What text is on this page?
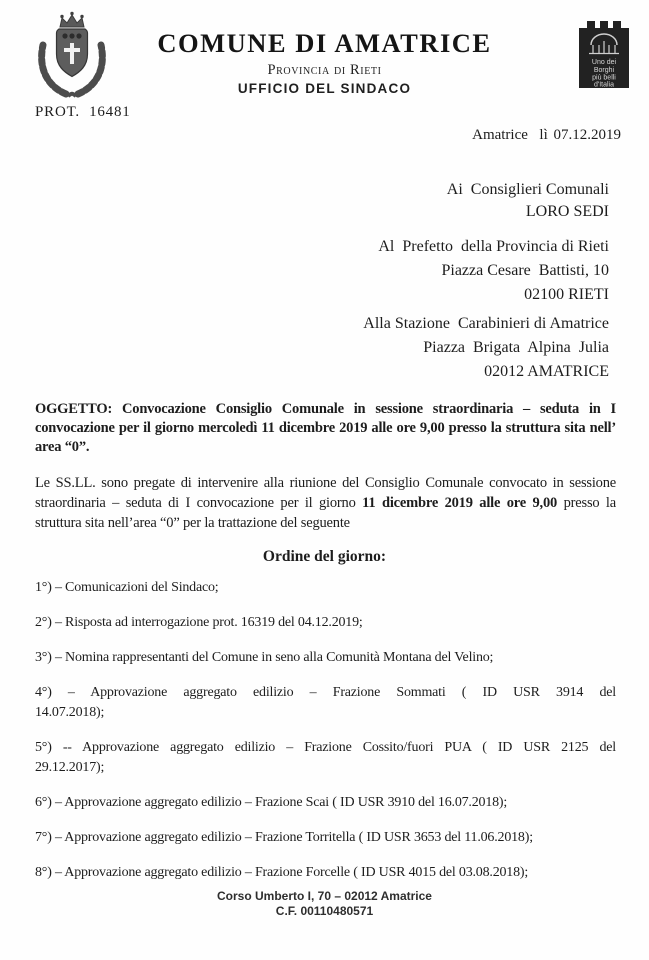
COMUNE DI AMATRICE
Provincia di Rieti
UFFICIO DEL SINDACO
Uno dei
Borghi
più belli
d'Italia
PROT.  16481
Amatrice  lì 07.12.2019
Ai  Consiglieri Comunali
LORO SEDI
Al  Prefetto  della Provincia di Rieti
Piazza Cesare  Battisti, 10
02100 RIETI
Alla Stazione  Carabinieri di Amatrice
Piazza  Brigata  Alpina  Julia
02012 AMATRICE
OGGETTO: Convocazione Consiglio Comunale in sessione straordinaria – seduta in I convocazione per il giorno mercoledì 11 dicembre 2019 alle ore 9,00 presso la struttura sita nell’ area “0”.

Le SS.LL. sono pregate di intervenire alla riunione del Consiglio Comunale convocato in sessione straordinaria – seduta di I convocazione per il giorno 11 dicembre 2019 alle ore 9,00 presso la struttura sita nell’area “0” per la trattazione del seguente

Ordine del giorno:
1°) – Comunicazioni del Sindaco;
2°) – Risposta ad interrogazione prot. 16319 del 04.12.2019;
3°) – Nomina rappresentanti del Comune in seno alla Comunità Montana del Velino;
4°) – Approvazione aggregato edilizio – Frazione Sommati ( ID USR 3914 del
14.07.2018);
5°) -- Approvazione aggregato edilizio – Frazione Cossito/fuori PUA ( ID USR 2125 del
29.12.2017);
6°) – Approvazione aggregato edilizio – Frazione Scai ( ID USR 3910 del 16.07.2018);
7°) – Approvazione aggregato edilizio – Frazione Torritella ( ID USR 3653 del 11.06.2018);
8°) – Approvazione aggregato edilizio – Frazione Forcelle ( ID USR 4015 del 03.08.2018);
Corso Umberto I, 70 – 02012 Amatrice
C.F. 00110480571
